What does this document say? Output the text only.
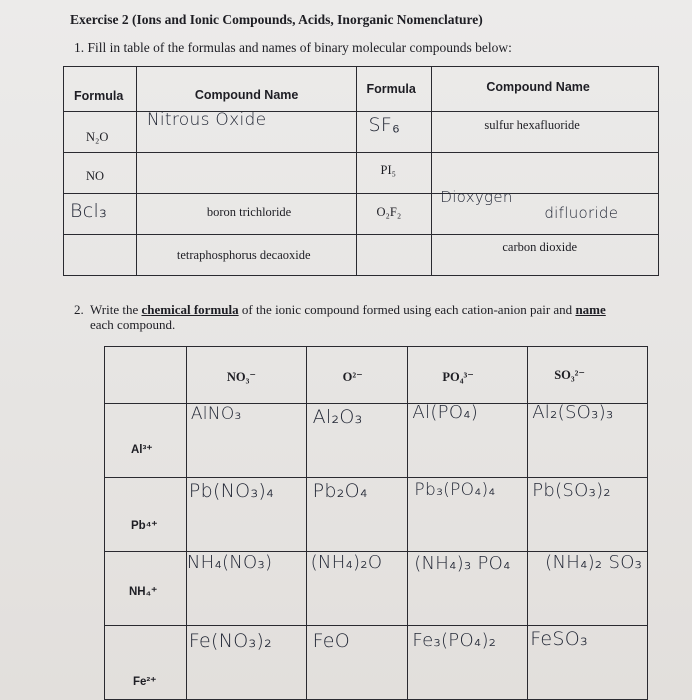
Exercise 2 (Ions and Ionic Compounds, Acids, Inorganic Nomenclature)
1. Fill in table of the formulas and names of binary molecular compounds below:
Formula	Compound Name	Formula	Compound Name

N₂O	Nitrous Oxide	SF₆	sulfur hexafluoride

NO		PI₅	

Bcl₃	boron trichloride	O₂F₂	Dioxygen
difluoride

	tetraphosphorus decaoxide		carbon dioxide
2. Write the chemical formula of the ionic compound formed using each cation-anion pair and name
each compound.

	NO₃⁻	O²⁻	PO₄³⁻	SO₃²⁻

Al³⁺	AlNO₃	Al₂O₃	Al(PO₄)	Al₂(SO₃)₃

Pb⁴⁺	Pb(NO₃)₄	Pb₂O₄	Pb₃(PO₄)₄	Pb(SO₃)₂

NH₄⁺	NH₄(NO₃)	(NH₄)₂O	(NH₄)₃ PO₄	(NH₄)₂ SO₃

Fe²⁺	Fe(NO₃)₂	FeO	Fe₃(PO₄)₂	FeSO₃
